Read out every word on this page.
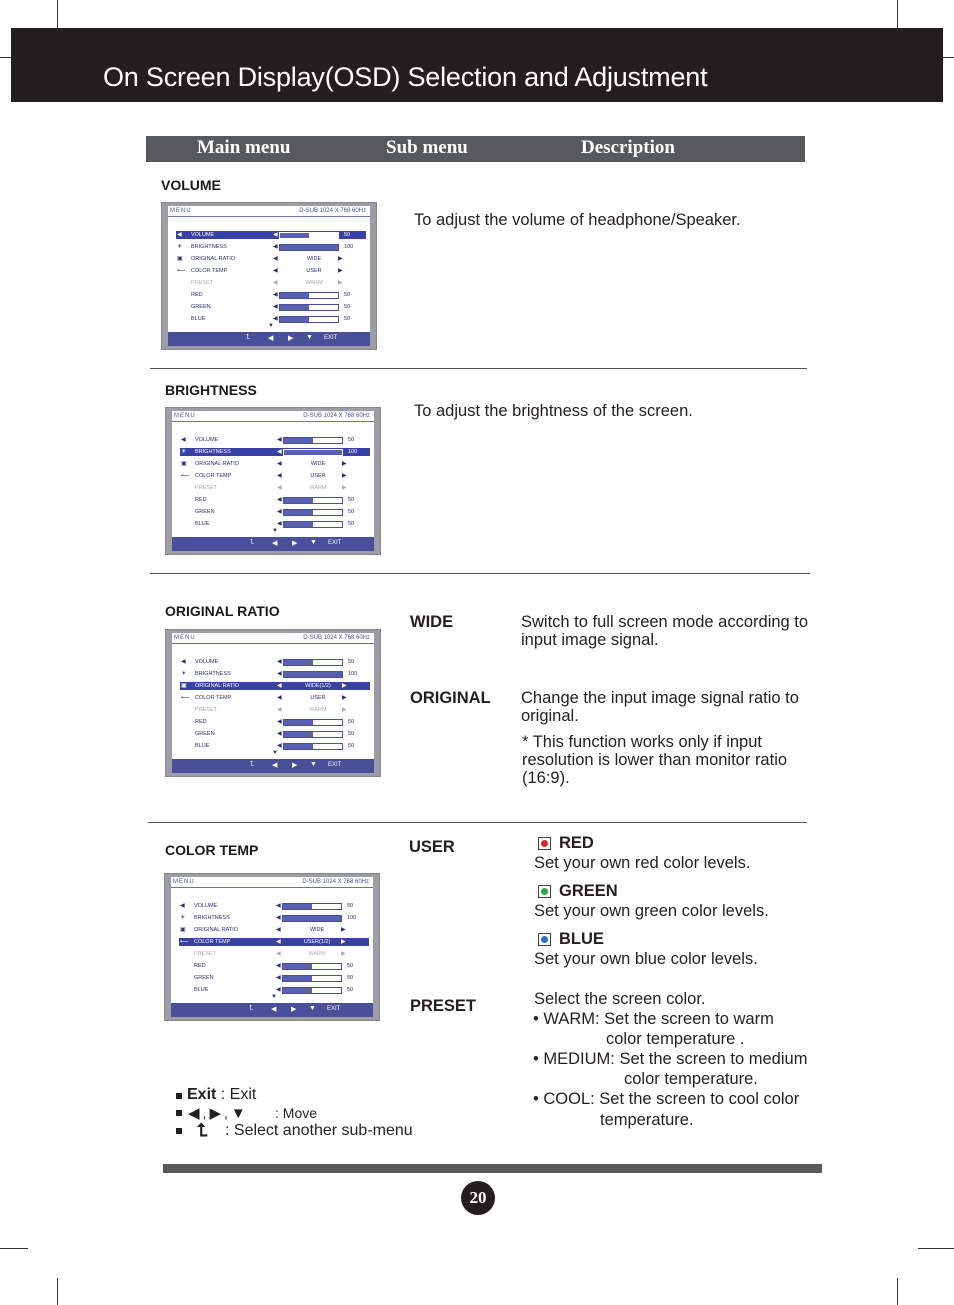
On Screen Display(OSD) Selection and Adjustment
Main menu	Sub menu	Description
VOLUME
MENU	D-SUB 1024 X 768 60Hz
◀	VOLUME	◀	50
☀	BRIGHTNESS	◀	100
▣	ORIGINAL RATIO	◀	WIDE	▶
⟵ COLOR TEMP	◀	USER	▶
PRESET	◀	WARM	▶
RED	◀	50
GREEN	◀	50
BLUE	◀	50
▼
⮤	◀ ▶ ▼ EXIT
To adjust the volume of headphone/Speaker.
BRIGHTNESS
MENU	D-SUB 1024 X 768 60Hz
◀	VOLUME	◀	50
☀	BRIGHTNESS	◀	100
▣	ORIGINAL RATIO	◀	WIDE	▶
⟵ COLOR TEMP	◀	USER	▶
PRESET	◀	WARM	▶
RED	◀	50
GREEN	◀	50
BLUE	◀	50
▼
⮤	◀ ▶ ▼ EXIT
To adjust the brightness of the screen.
ORIGINAL RATIO
MENU	D-SUB 1024 X 768 60Hz
◀	VOLUME	◀	50
☀	BRIGHTNESS	◀	100
▣	ORIGINAL RATIO	◀	WIDE(1/2)	▶
⟵ COLOR TEMP	◀	USER	▶
PRESET	◀	WARM	▶
RED	◀	50
GREEN	◀	50
BLUE	◀	50
▼
⮤	◀ ▶ ▼ EXIT
WIDE	Switch to full screen mode according to
input image signal.
ORIGINAL Change the input image signal ratio to
original.
* This function works only if input
resolution is lower than monitor ratio
(16:9).
COLOR TEMP
MENU	D-SUB 1024 X 768 60Hz
◀	VOLUME	◀	50
☀	BRIGHTNESS	◀	100
▣	ORIGINAL RATIO	◀	WIDE	▶
⟵ COLOR TEMP	◀	USER(1/2)	▶
PRESET	◀	WARM	▶
RED	◀	50
GREEN	◀	50
BLUE	◀	50
▼
⮤	◀ ▶ ▼ EXIT
USER	RED
Set your own red color levels.
GREEN
Set your own green color levels.
BLUE
Set your own blue color levels.
PRESET	Select the screen color.
• WARM: Set the screen to warm
color temperature .
• MEDIUM: Set the screen to medium
color temperature.
• COOL: Set the screen to cool color
temperature.
Exit : Exit
◀ , ▶ , ▼ : Move
⮤ : Select another sub-menu
20
